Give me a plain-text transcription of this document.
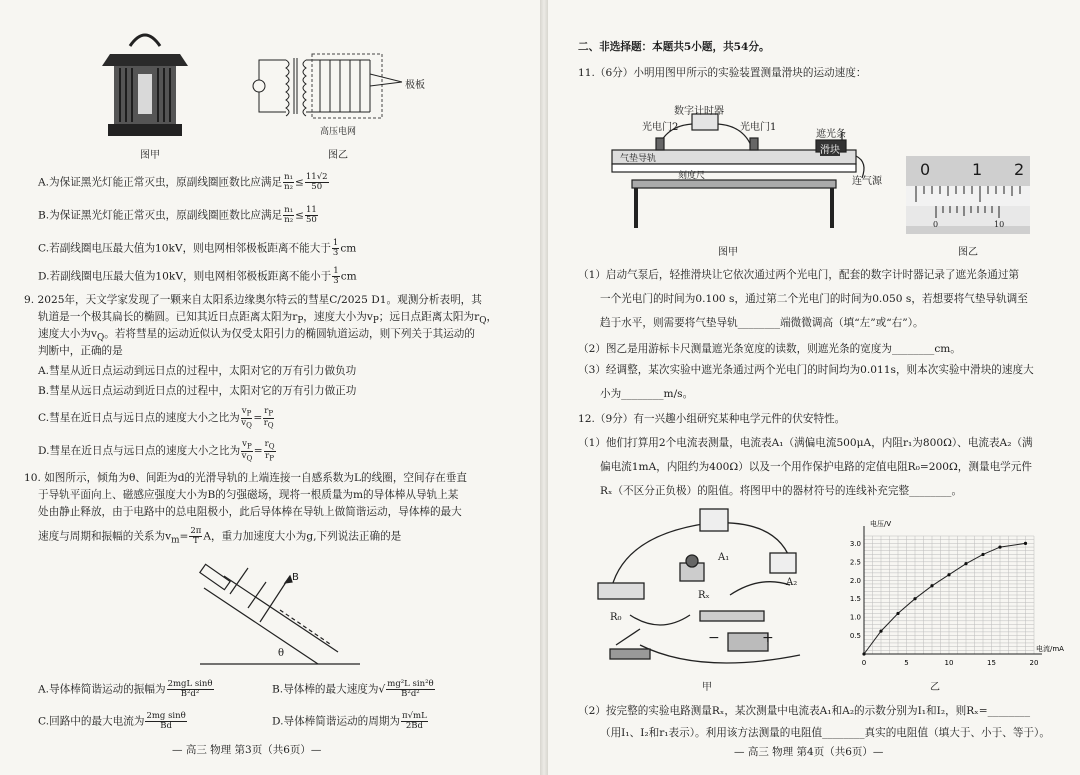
图甲
极板
高压电网
图乙
A.为保证黑光灯能正常灭虫，原副线圈匝数比应满足 $\frac{\text{n₁}}{\text{n₂}} \le \frac{11√2}{50}$
B.为保证黑光灯能正常灭虫，原副线圈匝数比应满足 $\frac{\text{n₁}}{\text{n₂}} \le \frac{11}{50}$
C.若副线圈电压最大值为10kV，则电网相邻极板距离不能大于 $\frac{1}{3}$ cm
D.若副线圈电压最大值为10kV，则电网相邻极板距离不能小于 $\frac{1}{3}$ cm
9. 2025年，天文学家发现了一颗来自太阳系边缘奥尔特云的彗星C/2025 D1。观测分析表明，其
轨道是一个极其扁长的椭圆。已知其近日点距离太阳为$r_P$，速度大小为$v_P$；远日点距离太阳为$r_Q$，
速度大小为$v_Q$。若将彗星的运动近似认为仅受太阳引力的椭圆轨道运动，则下列关于其运动的
判断中，正确的是
A.彗星从近日点运动到远日点的过程中，太阳对它的万有引力做负功
B.彗星从远日点运动到近日点的过程中，太阳对它的万有引力做正功
C.彗星在近日点与远日点的速度大小之比为 $\frac{v_P}{v_Q} = \frac{r_P}{r_Q}$
D.彗星在近日点与远日点的速度大小之比为 $\frac{v_P}{v_Q} = \frac{r_Q}{r_P}$
10. 如图所示，倾角为θ、间距为d的光滑导轨的上端连接一自感系数为L的线圈，空间存在垂直
于导轨平面向上、磁感应强度大小为B的匀强磁场，现将一根质量为m的导体棒从导轨上某
处由静止释放，由于电路中的总电阻极小，此后导体棒在导轨上做简谐运动，导体棒的最大
速度与周期和振幅的关系为$v_m= \frac{2\pi}{T}$ A，重力加速度大小为g,下列说法正确的是
B
θ
A.导体棒简谐运动的振幅为 $\frac{\text{2mgL sinθ}}{\text{B²d²}}$	B.导体棒的最大速度为√ $\frac{\text{mg²L sin²θ}}{\text{B²d²}}$
C.回路中的最大电流为 $\frac{\text{2mg sinθ}}{Bd}$	D.导体棒简谐运动的周期为 $\frac{\pi√mL}{2Bd}$
— 高三 物理 第3页（共6页）—
二、非选择题：本题共5小题，共54分。
11.（6分）小明用图甲所示的实验装置测量滑块的运动速度：
数字计时器
光电门2	光电门1
遮光条
气垫导轨
滑块
刻度尺	连气源
图甲
0	1 2
0	10
图乙
（1）启动气泵后，轻推滑块让它依次通过两个光电门，配套的数字计时器记录了遮光条通过第
一个光电门的时间为0.100 s，通过第二个光电门的时间为0.050 s，若想要将气垫导轨调至
趋于水平，则需要将气垫导轨________端微微调高（填“左”或“右”）。
（2）图乙是用游标卡尺测量遮光条宽度的读数，则遮光条的宽度为________cm。
（3）经调整，某次实验中遮光条通过两个光电门的时间均为0.011s，则本次实验中滑块的速度大
小为________m/s。
12.（9分）有一兴趣小组研究某种电学元件的伏安特性。
（1）他们打算用2个电流表测量，电流表A₁（满偏电流500μA，内阻r₁为800Ω）、电流表A₂（满
偏电流1mA，内阻约为400Ω）以及一个用作保护电路的定值电阻R₀=200Ω，测量电学元件
Rₓ（不区分正负极）的阻值。将图甲中的器材符号的连线补充完整________。
A₁
A₂
Rₓ
R₀
−	+
甲
0	5	10	15	20
0.5
1.0
1.5
2.0
2.5
3.0
电压/V
电流/mA
乙
（2）按完整的实验电路测量Rₓ，某次测量中电流表A₁和A₂的示数分别为I₁和I₂，则Rₓ=________
（用I₁、I₂和r₁表示）。利用该方法测量的电阻值________真实的电阻值（填大于、小于、等于）。
— 高三 物理 第4页（共6页）—
